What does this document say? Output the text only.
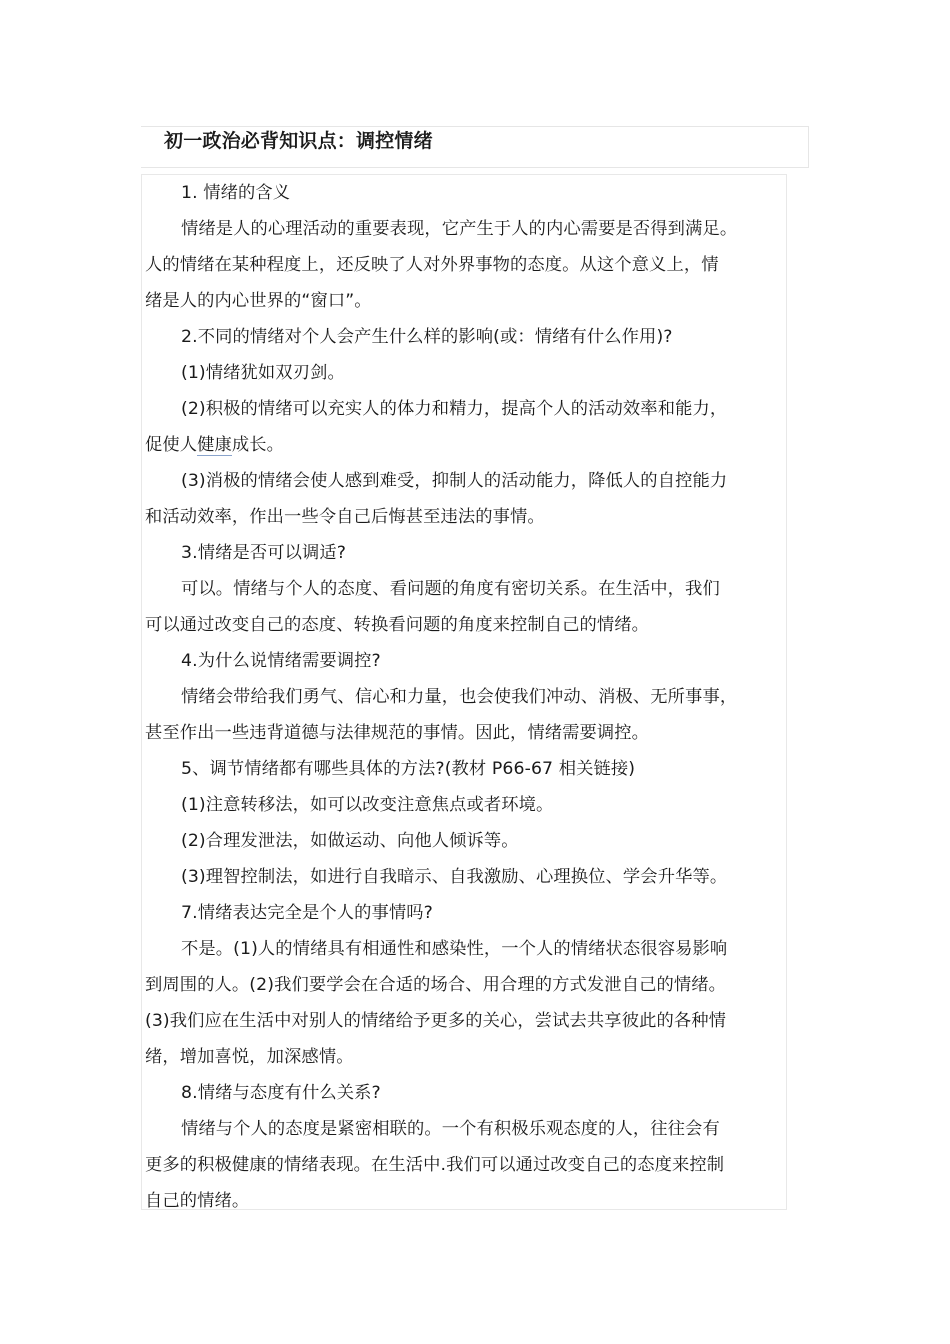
初一政治必背知识点：调控情绪

1. 情绪的含义

情绪是人的心理活动的重要表现，它产生于人的内心需要是否得到满足。

人的情绪在某种程度上，还反映了人对外界事物的态度。从这个意义上，情

绪是人的内心世界的“窗口”。

2.不同的情绪对个人会产生什么样的影响(或：情绪有什么作用)?

(1)情绪犹如双刃剑。

(2)积极的情绪可以充实人的体力和精力，提高个人的活动效率和能力，

促使人健康成长。

(3)消极的情绪会使人感到难受，抑制人的活动能力，降低人的自控能力

和活动效率，作出一些令自己后悔甚至违法的事情。

3.情绪是否可以调适?

可以。情绪与个人的态度、看问题的角度有密切关系。在生活中，我们

可以通过改变自己的态度、转换看问题的角度来控制自己的情绪。

4.为什么说情绪需要调控?

情绪会带给我们勇气、信心和力量，也会使我们冲动、消极、无所事事，

甚至作出一些违背道德与法律规范的事情。因此，情绪需要调控。

5、调节情绪都有哪些具体的方法?(教材 P66-67 相关链接)

(1)注意转移法，如可以改变注意焦点或者环境。

(2)合理发泄法，如做运动、向他人倾诉等。

(3)理智控制法，如进行自我暗示、自我激励、心理换位、学会升华等。

7.情绪表达完全是个人的事情吗?

不是。(1)人的情绪具有相通性和感染性，一个人的情绪状态很容易影响

到周围的人。(2)我们要学会在合适的场合、用合理的方式发泄自己的情绪。

(3)我们应在生活中对别人的情绪给予更多的关心，尝试去共享彼此的各种情

绪，增加喜悦，加深感情。

8.情绪与态度有什么关系?

情绪与个人的态度是紧密相联的。一个有积极乐观态度的人，往往会有

更多的积极健康的情绪表现。在生活中.我们可以通过改变自己的态度来控制

自己的情绪。
